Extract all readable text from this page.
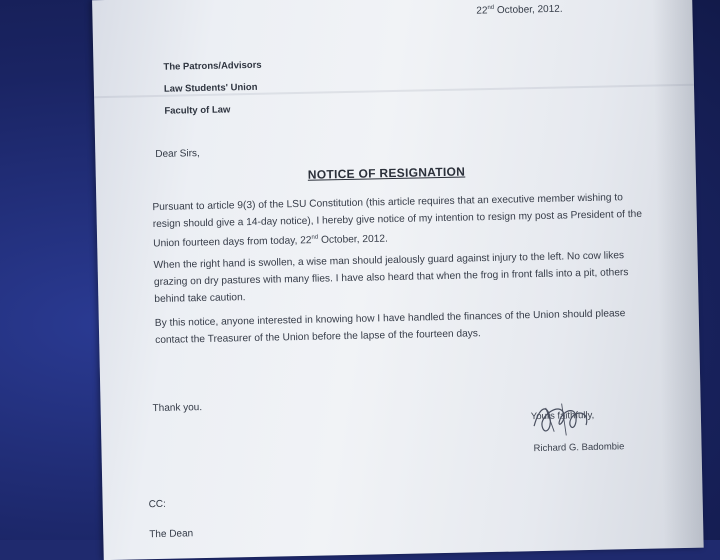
22nd October, 2012.
The Patrons/Advisors
Law Students' Union
Faculty of Law
Dear Sirs,
NOTICE OF RESIGNATION
Pursuant to article 9(3) of the LSU Constitution (this article requires that an executive member wishing to resign should give a 14-day notice), I hereby give notice of my intention to resign my post as President of the Union fourteen days from today, 22nd October, 2012.
When the right hand is swollen, a wise man should jealously guard against injury to the left. No cow likes grazing on dry pastures with many flies. I have also heard that when the frog in front falls into a pit, others behind take caution.
By this notice, anyone interested in knowing how I have handled the finances of the Union should please contact the Treasurer of the Union before the lapse of the fourteen days.
Thank you.
Yours faithfully,
Richard G. Badombie
CC:
The Dean
